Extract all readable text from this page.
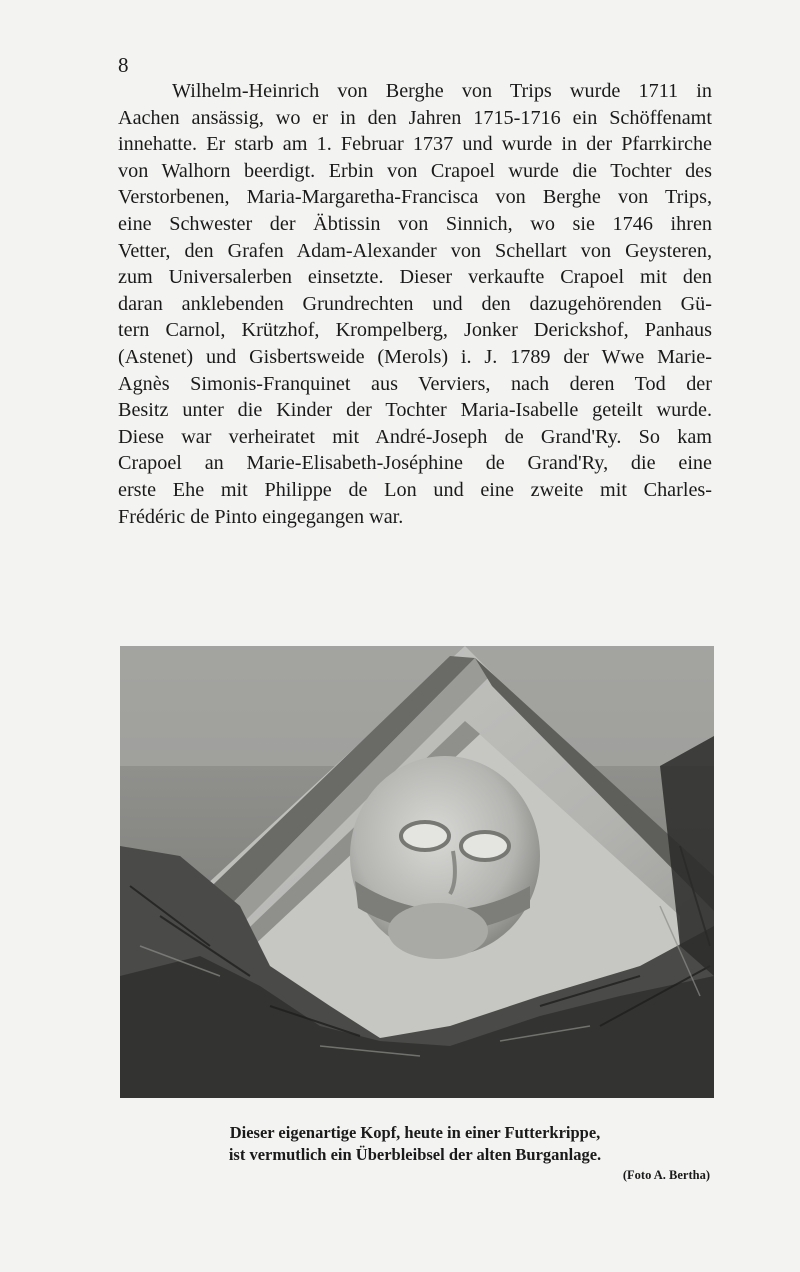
8
Wilhelm-Heinrich von Berghe von Trips wurde 1711 in
Aachen ansässig, wo er in den Jahren 1715-1716 ein Schöffenamt
innehatte. Er starb am 1. Februar 1737 und wurde in der Pfarrkirche
von Walhorn beerdigt. Erbin von Crapoel wurde die Tochter des
Verstorbenen, Maria-Margaretha-Francisca von Berghe von Trips,
eine Schwester der Äbtissin von Sinnich, wo sie 1746 ihren
Vetter, den Grafen Adam-Alexander von Schellart von Geysteren,
zum Universalerben einsetzte. Dieser verkaufte Crapoel mit den
daran anklebenden Grundrechten und den dazugehörenden Gü-
tern Carnol, Krützhof, Krompelberg, Jonker Derickshof, Panhaus
(Astenet) und Gisbertsweide (Merols) i. J. 1789 der Wwe Marie-
Agnès Simonis-Franquinet aus Verviers, nach deren Tod der
Besitz unter die Kinder der Tochter Maria-Isabelle geteilt wurde.
Diese war verheiratet mit André-Joseph de Grand'Ry. So kam
Crapoel an Marie-Elisabeth-Joséphine de Grand'Ry, die eine
erste Ehe mit Philippe de Lon und eine zweite mit Charles-
Frédéric de Pinto eingegangen war.
Dieser eigenartige Kopf, heute in einer Futterkrippe,
ist vermutlich ein Überbleibsel der alten Burganlage.
(Foto A. Bertha)
